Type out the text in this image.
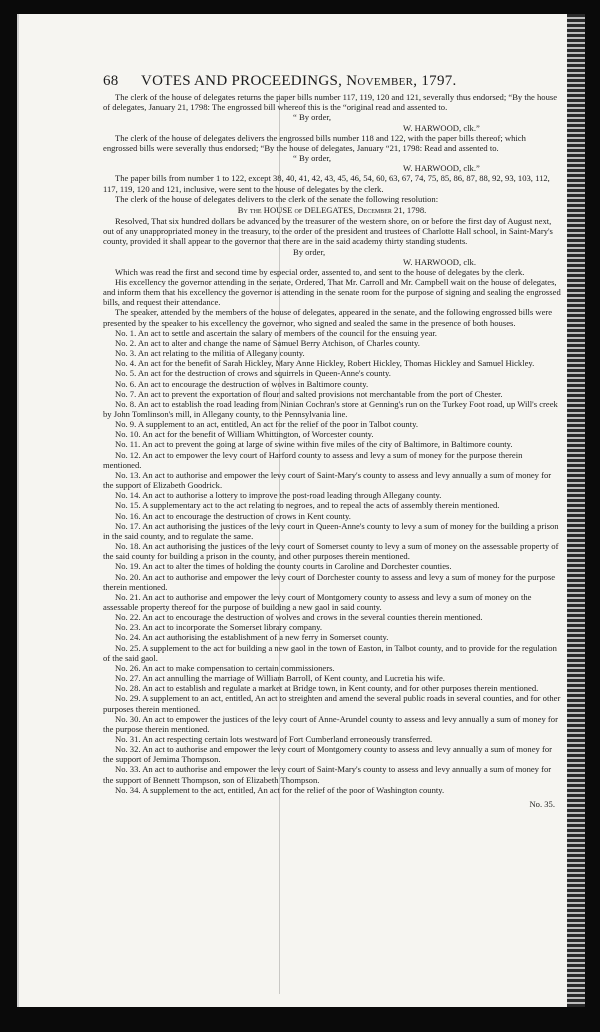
68	VOTES AND PROCEEDINGS, November, 1797.

The clerk of the house of delegates returns the paper bills number 117, 119, 120 and 121, severally thus endorsed; “By the house of delegates, January 21, 1798: The engrossed bill whereof this is the “original read and assented to.

“ By order,

W. HARWOOD, clk.”

The clerk of the house of delegates delivers the engrossed bills number 118 and 122, with the paper bills thereof; which engrossed bills were severally thus endorsed; “By the house of delegates, January “21, 1798: Read and assented to.

“ By order,

W. HARWOOD, clk.”

The paper bills from number 1 to 122, except 38, 40, 41, 42, 43, 45, 46, 54, 60, 63, 67, 74, 75, 85, 86, 87, 88, 92, 93, 103, 112, 117, 119, 120 and 121, inclusive, were sent to the house of delegates by the clerk.

The clerk of the house of delegates delivers to the clerk of the senate the following resolution:

By the HOUSE of DELEGATES, December 21, 1798.

Resolved, That six hundred dollars be advanced by the treasurer of the western shore, on or before the first day of August next, out of any unappropriated money in the treasury, to the order of the president and trustees of Charlotte Hall school, in Saint-Mary's county, provided it shall appear to the governor that there are in the said academy thirty standing students.

By order,

W. HARWOOD, clk.

Which was read the first and second time by especial order, assented to, and sent to the house of delegates by the clerk.

His excellency the governor attending in the senate, Ordered, That Mr. Carroll and Mr. Campbell wait on the house of delegates, and inform them that his excellency the governor is attending in the senate room for the purpose of signing and sealing the engrossed bills, and request their attendance.

The speaker, attended by the members of the house of delegates, appeared in the senate, and the following engrossed bills were presented by the speaker to his excellency the governor, who signed and sealed the same in the presence of both houses.

No. 1. An act to settle and ascertain the salary of members of the council for the ensuing year.

No. 2. An act to alter and change the name of Samuel Berry Atchison, of Charles county.

No. 3. An act relating to the militia of Allegany county.

No. 4. An act for the benefit of Sarah Hickley, Mary Anne Hickley, Robert Hickley, Thomas Hickley and Samuel Hickley.

No. 5. An act for the destruction of crows and squirrels in Queen-Anne's county.

No. 6. An act to encourage the destruction of wolves in Baltimore county.

No. 7. An act to prevent the exportation of flour and salted provisions not merchantable from the port of Chester.

No. 8. An act to establish the road leading from Ninian Cochran's store at Genning's run on the Turkey Foot road, up Will's creek by John Tomlinson's mill, in Allegany county, to the Pennsylvania line.

No. 9. A supplement to an act, entitled, An act for the relief of the poor in Talbot county.

No. 10. An act for the benefit of William Whittington, of Worcester county.

No. 11. An act to prevent the going at large of swine within five miles of the city of Baltimore, in Baltimore county.

No. 12. An act to empower the levy court of Harford county to assess and levy a sum of money for the purpose therein mentioned.

No. 13. An act to authorise and empower the levy court of Saint-Mary's county to assess and levy annually a sum of money for the support of Elizabeth Goodrick.

No. 14. An act to authorise a lottery to improve the post-road leading through Allegany county.

No. 15. A supplementary act to the act relating to negroes, and to repeal the acts of assembly therein mentioned.

No. 16. An act to encourage the destruction of crows in Kent county.

No. 17. An act authorising the justices of the levy court in Queen-Anne's county to levy a sum of money for the building a prison in the said county, and to regulate the same.

No. 18. An act authorising the justices of the levy court of Somerset county to levy a sum of money on the assessable property of the said county for building a prison in the county, and other purposes therein mentioned.

No. 19. An act to alter the times of holding the county courts in Caroline and Dorchester counties.

No. 20. An act to authorise and empower the levy court of Dorchester county to assess and levy a sum of money for the purpose therein mentioned.

No. 21. An act to authorise and empower the levy court of Montgomery county to assess and levy a sum of money on the assessable property thereof for the purpose of building a new gaol in said county.

No. 22. An act to encourage the destruction of wolves and crows in the several counties therein mentioned.

No. 23. An act to incorporate the Somerset library company.

No. 24. An act authorising the establishment of a new ferry in Somerset county.

No. 25. A supplement to the act for building a new gaol in the town of Easton, in Talbot county, and to provide for the regulation of the said gaol.

No. 26. An act to make compensation to certain commissioners.

No. 27. An act annulling the marriage of William Barroll, of Kent county, and Lucretia his wife.

No. 28. An act to establish and regulate a market at Bridge town, in Kent county, and for other purposes therein mentioned.

No. 29. A supplement to an act, entitled, An act to streighten and amend the several public roads in several counties, and for other purposes therein mentioned.

No. 30. An act to empower the justices of the levy court of Anne-Arundel county to assess and levy annually a sum of money for the purpose therein mentioned.

No. 31. An act respecting certain lots westward of Fort Cumberland erroneously transferred.

No. 32. An act to authorise and empower the levy court of Montgomery county to assess and levy annually a sum of money for the support of Jemima Thompson.

No. 33. An act to authorise and empower the levy court of Saint-Mary's county to assess and levy annually a sum of money for the support of Bennett Thompson, son of Elizabeth Thompson.

No. 34. A supplement to the act, entitled, An act for the relief of the poor of Washington county.

No. 35.
